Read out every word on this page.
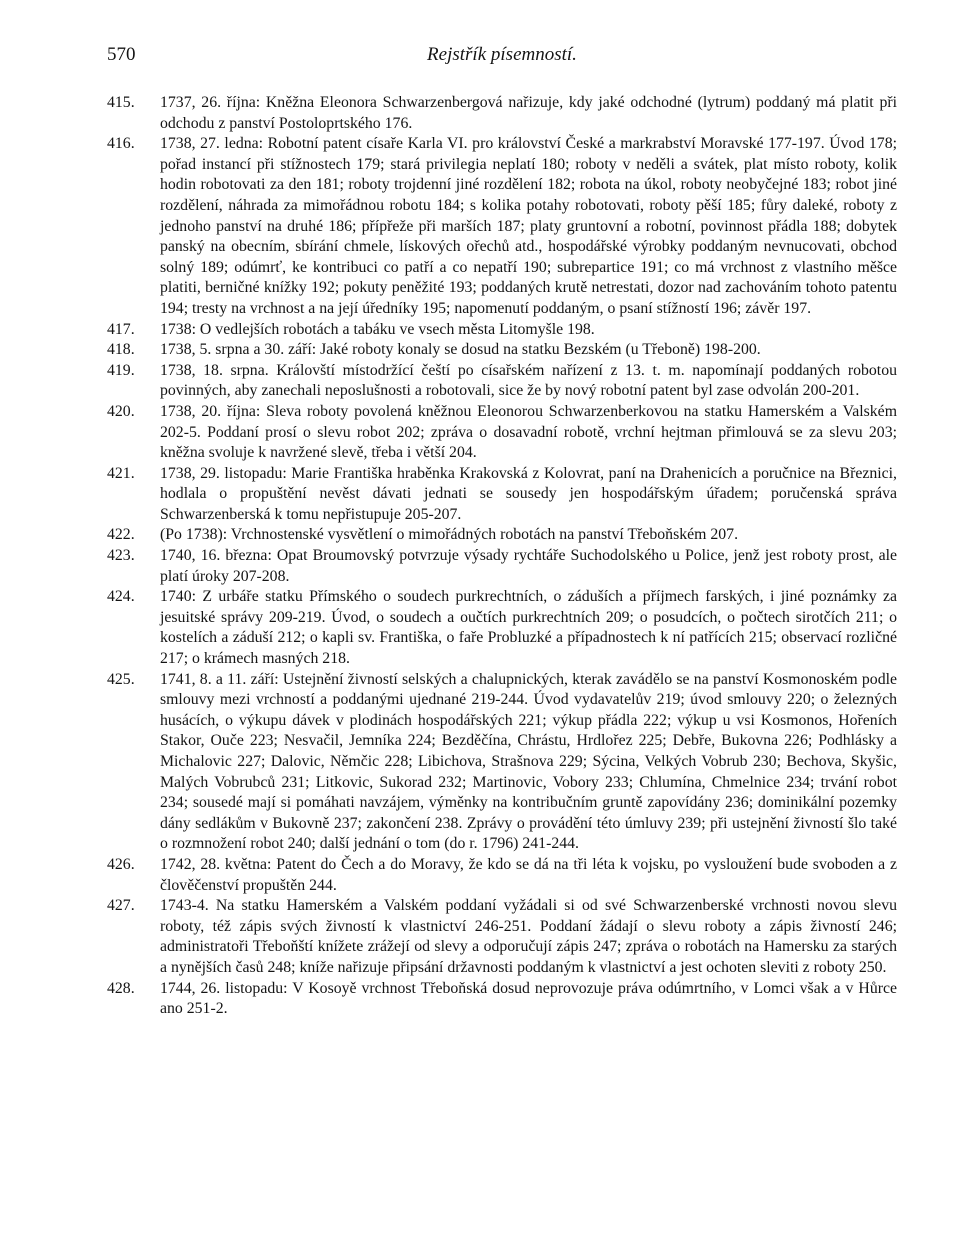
570	Rejstřík písemností.

415. 1737, 26. října: Kněžna Eleonora Schwarzenbergová nařizuje, kdy jaké odchodné (lytrum) poddaný má platit při odchodu z panství Postoloprtského 176.

416. 1738, 27. ledna: Robotní patent císaře Karla VI. pro království České a markrabství Moravské 177-197. Úvod 178; pořad instancí při stížnostech 179; stará privilegia neplatí 180; roboty v neděli a svátek, plat místo roboty, kolik hodin robotovati za den 181; roboty trojdenní jiné rozdělení 182; robota na úkol, roboty neobyčejné 183; robot jiné rozdělení, náhrada za mimořádnou robotu 184; s kolika potahy robotovati, roboty pěší 185; fůry daleké, roboty z jednoho panství na druhé 186; přípřeže při marších 187; platy gruntovní a robotní, povinnost přádla 188; dobytek panský na obecním, sbírání chmele, lískových ořechů atd., hospodářské výrobky poddaným nevnucovati, obchod solný 189; odúmrť, ke kontribuci co patří a co nepatří 190; subrepartice 191; co má vrchnost z vlastního měšce platiti, berničné knížky 192; pokuty peněžité 193; poddaných krutě netrestati, dozor nad zachováním tohoto patentu 194; tresty na vrchnost a na její úředníky 195; napomenutí poddaným, o psaní stížností 196; závěr 197.

417. 1738: O vedlejších robotách a tabáku ve vsech města Litomyšle 198.

418. 1738, 5. srpna a 30. září: Jaké roboty konaly se dosud na statku Bezském (u Třeboně) 198-200.

419. 1738, 18. srpna. Královští místodržící čeští po císařském nařízení z 13. t. m. napomínají poddaných robotou povinných, aby zanechali neposlušnosti a robotovali, sice že by nový robotní patent byl zase odvolán 200-201.

420. 1738, 20. října: Sleva roboty povolená kněžnou Eleonorou Schwarzenberkovou na statku Hamerském a Valském 202-5. Poddaní prosí o slevu robot 202; zpráva o dosavadní robotě, vrchní hejtman přimlouvá se za slevu 203; kněžna svoluje k navržené slevě, třeba i větší 204.

421. 1738, 29. listopadu: Marie Františka hraběnka Krakovská z Kolovrat, paní na Drahenicích a poručnice na Březnici, hodlala o propuštění nevěst dávati jednati se sousedy jen hospodářským úřadem; poručenská správa Schwarzenberská k tomu nepřistupuje 205-207.

422. (Po 1738): Vrchnostenské vysvětlení o mimořádných robotách na panství Třeboňském 207.

423. 1740, 16. března: Opat Broumovský potvrzuje výsady rychtáře Suchodolského u Police, jenž jest roboty prost, ale platí úroky 207-208.

424. 1740: Z urbáře statku Přímského o soudech purkrechtních, o záduších a příjmech farských, i jiné poznámky za jesuitské správy 209-219. Úvod, o soudech a oučtích purkrechtních 209; o posudcích, o počtech sirotčích 211; o kostelích a záduší 212; o kapli sv. Františka, o faře Probluzké a případnostech k ní patřících 215; observací rozličné 217; o krámech masných 218.

425. 1741, 8. a 11. září: Ustejnění živností selských a chalupnických, kterak zavádělo se na panství Kosmonoském podle smlouvy mezi vrchností a poddanými ujednané 219-244. Úvod vydavatelův 219; úvod smlouvy 220; o železných husácích, o výkupu dávek v plodinách hospodářských 221; výkup přádla 222; výkup u vsi Kosmonos, Hořeních Stakor, Ouče 223; Nesvačil, Jemníka 224; Bezděčína, Chrástu, Hrdlořez 225; Debře, Bukovna 226; Podhlásky a Michalovic 227; Dalovic, Němčic 228; Libichova, Strašnova 229; Sýcina, Velkých Vobrub 230; Bechova, Skyšic, Malých Vobrubců 231; Litkovic, Sukorad 232; Martinovic, Vobory 233; Chlumína, Chmelnice 234; trvání robot 234; sousedé mají si pomáhati navzájem, výměnky na kontribučním gruntě zapovídány 236; dominikální pozemky dány sedlákům v Bukovně 237; zakončení 238. Zprávy o provádění této úmluvy 239; při ustejnění živností šlo také o rozmnožení robot 240; další jednání o tom (do r. 1796) 241-244.

426. 1742, 28. května: Patent do Čech a do Moravy, že kdo se dá na tři léta k vojsku, po vysloužení bude svoboden a z člověčenství propuštěn 244.

427. 1743-4. Na statku Hamerském a Valském poddaní vyžádali si od své Schwarzenberské vrchnosti novou slevu roboty, též zápis svých živností k vlastnictví 246-251. Poddaní žádají o slevu roboty a zápis živností 246; administratoři Třeboňští knížete zrážejí od slevy a odporučují zápis 247; zpráva o robotách na Hamersku za starých a nynějších časů 248; kníže nařizuje připsání državnosti poddaným k vlastnictví a jest ochoten sleviti z roboty 250.

428. 1744, 26. listopadu: V Kosoyě vrchnost Třeboňská dosud neprovozuje práva odúmrtního, v Lomci však a v Hůrce ano 251-2.
